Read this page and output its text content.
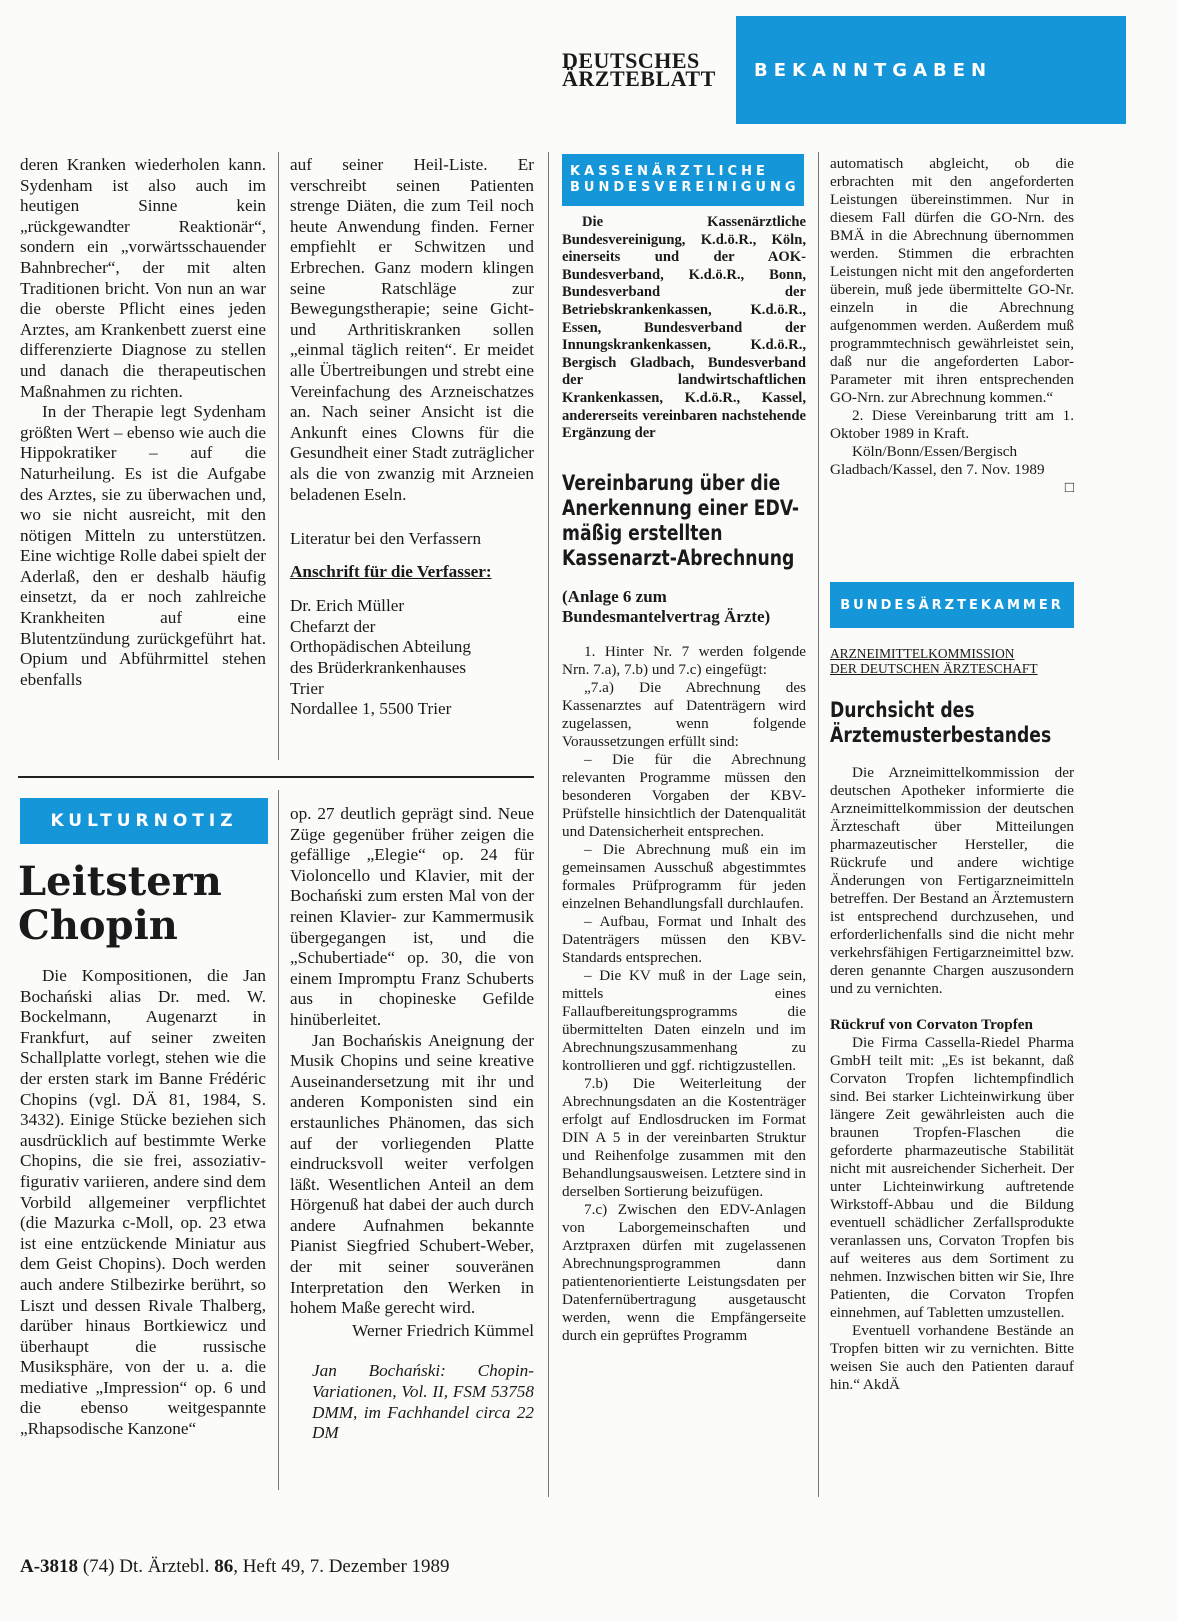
DEUTSCHES
ÄRZTEBLATT	BEKANNTGABEN

deren Kranken wiederholen kann. Sydenham ist also auch im heutigen Sinne kein „rückgewandter Reaktionär“, sondern ein „vorwärtsschauender Bahnbrecher“, der mit alten Traditionen bricht. Von nun an war die oberste Pflicht eines jeden Arztes, am Krankenbett zuerst eine differenzierte Diagnose zu stellen und danach die therapeutischen Maßnahmen zu richten.

In der Therapie legt Sydenham größten Wert – ebenso wie auch die Hippokratiker – auf die Naturheilung. Es ist die Aufgabe des Arztes, sie zu überwachen und, wo sie nicht ausreicht, mit den nötigen Mitteln zu unterstützen. Eine wichtige Rolle dabei spielt der Aderlaß, den er deshalb häufig einsetzt, da er noch zahlreiche Krankheiten auf eine Blutentzündung zurückgeführt hat. Opium und Abführmittel stehen ebenfalls

auf seiner Heil-Liste. Er verschreibt seinen Patienten strenge Diäten, die zum Teil noch heute Anwendung finden. Ferner empfiehlt er Schwitzen und Erbrechen. Ganz modern klingen seine Ratschläge zur Bewegungstherapie; seine Gicht- und Arthritiskranken sollen „einmal täglich reiten“. Er meidet alle Übertreibungen und strebt eine Vereinfachung des Arzneischatzes an. Nach seiner Ansicht ist die Ankunft eines Clowns für die Gesundheit einer Stadt zuträglicher als die von zwanzig mit Arzneien beladenen Eseln.

Literatur bei den Verfassern

Anschrift für die Verfasser:

Dr. Erich Müller
Chefarzt der
Orthopädischen Abteilung
des Brüderkrankenhauses
Trier
Nordallee 1, 5500 Trier
KULTURNOTIZ
Leitstern
Chopin

Die Kompositionen, die Jan Bochański alias Dr. med. W. Bockelmann, Augenarzt in Frankfurt, auf seiner zweiten Schallplatte vorlegt, stehen wie die der ersten stark im Banne Frédéric Chopins (vgl. DÄ 81, 1984, S. 3432). Einige Stücke beziehen sich ausdrücklich auf bestimmte Werke Chopins, die sie frei, assoziativ-figurativ variieren, andere sind dem Vorbild allgemeiner verpflichtet (die Mazurka c-Moll, op. 23 etwa ist eine entzückende Miniatur aus dem Geist Chopins). Doch werden auch andere Stilbezirke berührt, so Liszt und dessen Rivale Thalberg, darüber hinaus Bortkiewicz und überhaupt die russische Musiksphäre, von der u. a. die mediative „Impression“ op. 6 und die ebenso weitgespannte „Rhapsodische Kanzone“

op. 27 deutlich geprägt sind. Neue Züge gegenüber früher zeigen die gefällige „Elegie“ op. 24 für Violoncello und Klavier, mit der Bochański zum ersten Mal von der reinen Klavier- zur Kammermusik übergegangen ist, und die „Schubertiade“ op. 30, die von einem Impromptu Franz Schuberts aus in chopineske Gefilde hinüberleitet.

Jan Bochańskis Aneignung der Musik Chopins und seine kreative Auseinandersetzung mit ihr und anderen Komponisten sind ein erstaunliches Phänomen, das sich auf der vorliegenden Platte eindrucksvoll weiter verfolgen läßt. Wesentlichen Anteil an dem Hörgenuß hat dabei der auch durch andere Aufnahmen bekannte Pianist Siegfried Schubert-Weber, der mit seiner souveränen Interpretation den Werken in hohem Maße gerecht wird.

Werner Friedrich Kümmel

Jan Bochański: Chopin-Variationen, Vol. II, FSM 53758 DMM, im Fachhandel circa 22 DM

KASSENÄRZTLICHE
BUNDESVEREINIGUNG

Die Kassenärztliche Bundesvereinigung, K.d.ö.R., Köln, einerseits und der AOK-Bundesverband, K.d.ö.R., Bonn, Bundesverband der Betriebskrankenkassen, K.d.ö.R., Essen, Bundesverband der Innungskrankenkassen, K.d.ö.R., Bergisch Gladbach, Bundesverband der landwirtschaftlichen Krankenkassen, K.d.ö.R., Kassel, andererseits vereinbaren nachstehende Ergänzung der

Vereinbarung über die Anerkennung einer EDV-mäßig erstellten Kassenarzt-Abrechnung

(Anlage 6 zum Bundesmantelvertrag Ärzte)

1. Hinter Nr. 7 werden folgende Nrn. 7.a), 7.b) und 7.c) eingefügt:

„7.a) Die Abrechnung des Kassenarztes auf Datenträgern wird zugelassen, wenn folgende Voraussetzungen erfüllt sind:

– Die für die Abrechnung relevanten Programme müssen den besonderen Vorgaben der KBV-Prüfstelle hinsichtlich der Datenqualität und Datensicherheit entsprechen.

– Die Abrechnung muß ein im gemeinsamen Ausschuß abgestimmtes formales Prüfprogramm für jeden einzelnen Behandlungsfall durchlaufen.

– Aufbau, Format und Inhalt des Datenträgers müssen den KBV-Standards entsprechen.

– Die KV muß in der Lage sein, mittels eines Fallaufbereitungsprogramms die übermittelten Daten einzeln und im Abrechnungszusammenhang zu kontrollieren und ggf. richtigzustellen.

7.b) Die Weiterleitung der Abrechnungsdaten an die Kostenträger erfolgt auf Endlosdrucken im Format DIN A 5 in der vereinbarten Struktur und Reihenfolge zusammen mit den Behandlungsausweisen. Letztere sind in derselben Sortierung beizufügen.

7.c) Zwischen den EDV-Anlagen von Laborgemeinschaften und Arztpraxen dürfen mit zugelassenen Abrechnungsprogrammen dann patientenorientierte Leistungsdaten per Datenfernübertragung ausgetauscht werden, wenn die Empfängerseite durch ein geprüftes Programm

automatisch abgleicht, ob die erbrachten mit den angeforderten Leistungen übereinstimmen. Nur in diesem Fall dürfen die GO-Nrn. des BMÄ in die Abrechnung übernommen werden. Stimmen die erbrachten Leistungen nicht mit den angeforderten überein, muß jede übermittelte GO-Nr. einzeln in die Abrechnung aufgenommen werden. Außerdem muß programmtechnisch gewährleistet sein, daß nur die angeforderten Labor-Parameter mit ihren entsprechenden GO-Nrn. zur Abrechnung kommen.“

2. Diese Vereinbarung tritt am 1. Oktober 1989 in Kraft.

Köln/Bonn/Essen/Bergisch Gladbach/Kassel, den 7. Nov. 1989
□

BUNDESÄRZTEKAMMER
ARZNEIMITTELKOMMISSION
DER DEUTSCHEN ÄRZTESCHAFT
Durchsicht des Ärztemusterbestandes

Die Arzneimittelkommission der deutschen Apotheker informierte die Arzneimittelkommission der deutschen Ärzteschaft über Mitteilungen pharmazeutischer Hersteller, die Rückrufe und andere wichtige Änderungen von Fertigarzneimitteln betreffen. Der Bestand an Ärztemustern ist entsprechend durchzusehen, und erforderlichenfalls sind die nicht mehr verkehrsfähigen Fertigarzneimittel bzw. deren genannte Chargen auszusondern und zu vernichten.

Rückruf von Corvaton Tropfen

Die Firma Cassella-Riedel Pharma GmbH teilt mit: „Es ist bekannt, daß Corvaton Tropfen lichtempfindlich sind. Bei starker Lichteinwirkung über längere Zeit gewährleisten auch die braunen Tropfen-Flaschen die geforderte pharmazeutische Stabilität nicht mit ausreichender Sicherheit. Der unter Lichteinwirkung auftretende Wirkstoff-Abbau und die Bildung eventuell schädlicher Zerfallsprodukte veranlassen uns, Corvaton Tropfen bis auf weiteres aus dem Sortiment zu nehmen. Inzwischen bitten wir Sie, Ihre Patienten, die Corvaton Tropfen einnehmen, auf Tabletten umzustellen.

Eventuell vorhandene Bestände an Tropfen bitten wir zu vernichten. Bitte weisen Sie auch den Patienten darauf hin.“ AkdÄ

A-3818 (74) Dt. Ärztebl. 86, Heft 49, 7. Dezember 1989
